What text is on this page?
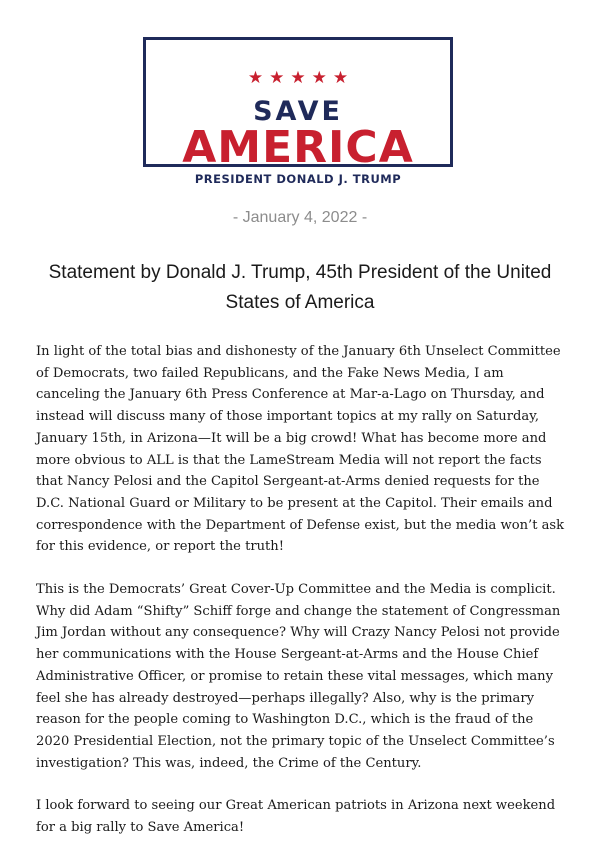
★ ★ ★ ★ ★
SAVE
AMERICA
PRESIDENT DONALD J. TRUMP
- January 4, 2022 -
Statement by Donald J. Trump, 45th President of the United States of America

In light of the total bias and dishonesty of the January 6th Unselect Committee of Democrats, two failed Republicans, and the Fake News Media, I am canceling the January 6th Press Conference at Mar-a-Lago on Thursday, and instead will discuss many of those important topics at my rally on Saturday, January 15th, in Arizona—It will be a big crowd! What has become more and more obvious to ALL is that the LameStream Media will not report the facts that Nancy Pelosi and the Capitol Sergeant-at-Arms denied requests for the D.C. National Guard or Military to be present at the Capitol. Their emails and correspondence with the Department of Defense exist, but the media won’t ask for this evidence, or report the truth!

This is the Democrats’ Great Cover-Up Committee and the Media is complicit. Why did Adam “Shifty” Schiff forge and change the statement of Congressman Jim Jordan without any consequence? Why will Crazy Nancy Pelosi not provide her communications with the House Sergeant-at-Arms and the House Chief Administrative Officer, or promise to retain these vital messages, which many feel she has already destroyed—perhaps illegally? Also, why is the primary reason for the people coming to Washington D.C., which is the fraud of the 2020 Presidential Election, not the primary topic of the Unselect Committee’s investigation? This was, indeed, the Crime of the Century.

I look forward to seeing our Great American patriots in Arizona next weekend for a big rally to Save America!
